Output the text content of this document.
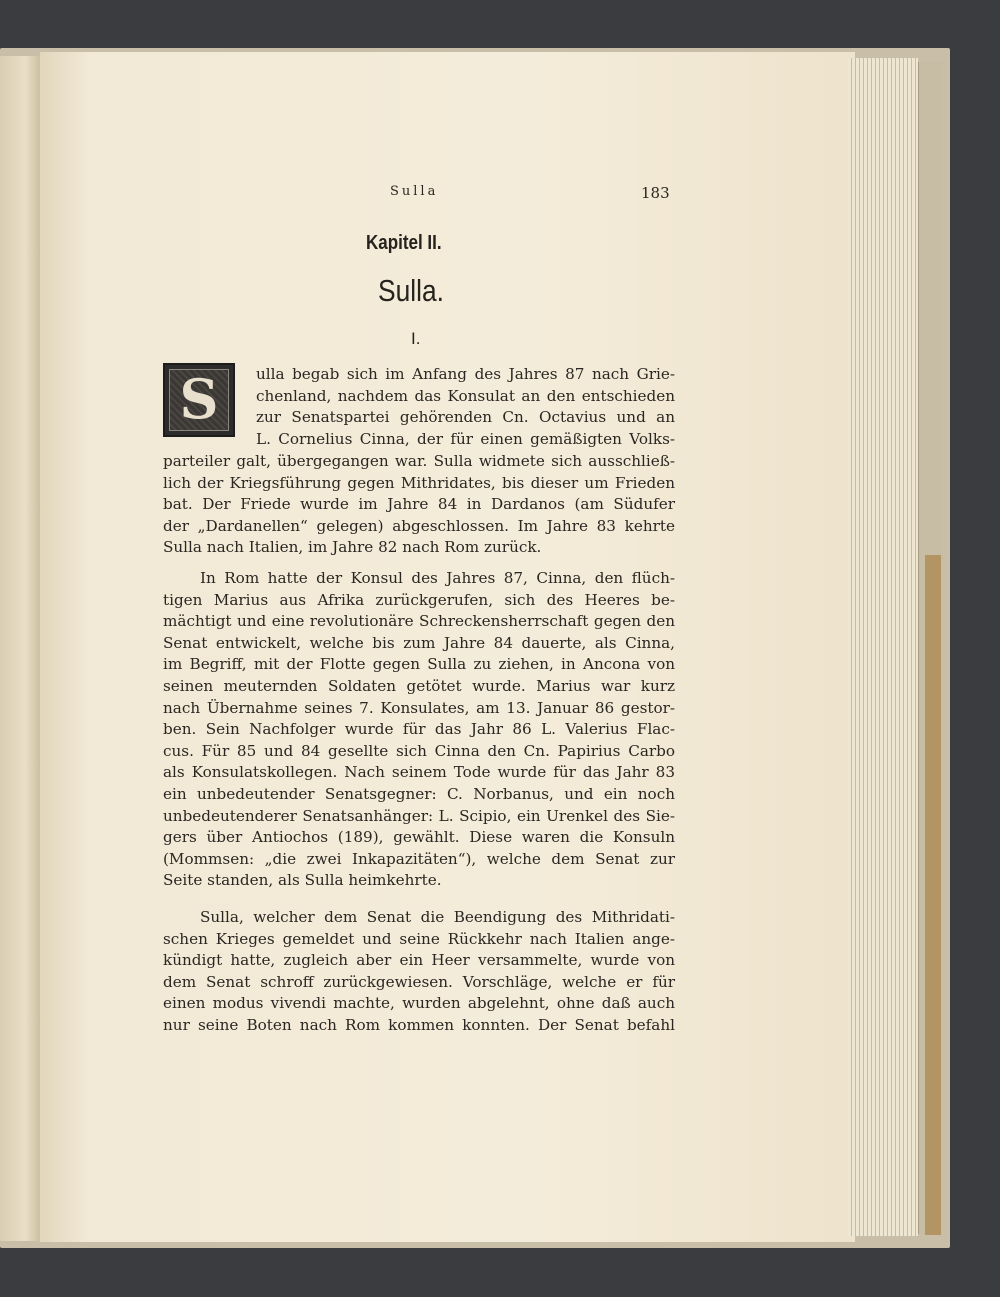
Sulla	183
Kapitel II.
Sulla.
I.
S	ulla begab sich im Anfang des Jahres 87 nach Grie-
chenland, nachdem das Konsulat an den entschieden
zur Senatspartei gehörenden Cn. Octavius und an
L. Cornelius Cinna, der für einen gemäßigten Volks-
parteiler galt, übergegangen war. Sulla widmete sich ausschließ-
lich der Kriegsführung gegen Mithridates, bis dieser um Frieden
bat. Der Friede wurde im Jahre 84 in Dardanos (am Südufer
der „Dardanellen“ gelegen) abgeschlossen. Im Jahre 83 kehrte
Sulla nach Italien, im Jahre 82 nach Rom zurück.
In Rom hatte der Konsul des Jahres 87, Cinna, den flüch-
tigen Marius aus Afrika zurückgerufen, sich des Heeres be-
mächtigt und eine revolutionäre Schreckensherrschaft gegen den
Senat entwickelt, welche bis zum Jahre 84 dauerte, als Cinna,
im Begriff, mit der Flotte gegen Sulla zu ziehen, in Ancona von
seinen meuternden Soldaten getötet wurde. Marius war kurz
nach Übernahme seines 7. Konsulates, am 13. Januar 86 gestor-
ben. Sein Nachfolger wurde für das Jahr 86 L. Valerius Flac-
cus. Für 85 und 84 gesellte sich Cinna den Cn. Papirius Carbo
als Konsulatskollegen. Nach seinem Tode wurde für das Jahr 83
ein unbedeutender Senatsgegner: C. Norbanus, und ein noch
unbedeutenderer Senatsanhänger: L. Scipio, ein Urenkel des Sie-
gers über Antiochos (189), gewählt. Diese waren die Konsuln
(Mommsen: „die zwei Inkapazitäten“), welche dem Senat zur
Seite standen, als Sulla heimkehrte.
Sulla, welcher dem Senat die Beendigung des Mithridati-
schen Krieges gemeldet und seine Rückkehr nach Italien ange-
kündigt hatte, zugleich aber ein Heer versammelte, wurde von
dem Senat schroff zurückgewiesen. Vorschläge, welche er für
einen modus vivendi machte, wurden abgelehnt, ohne daß auch
nur seine Boten nach Rom kommen konnten. Der Senat befahl
